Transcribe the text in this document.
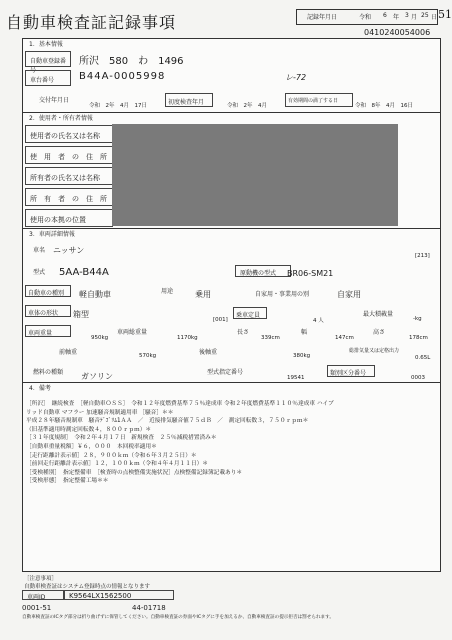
自動車検査証記録事項	記録年月日	令和 6 年 3 月 25 日 51
0410240054006
1．基本情報
自動車登録番号
所沢　580　わ　1496
車台番号 B44A-0005998	レ-72
交付年月日
令和　2年　4月　17日	初度検査年月	令和　2年　4月
有効期間の満了する日
令和　8年　4月　16日
2．使用者・所有者情報
使用者の氏名又は名称
使　用　者　の　住　所
所有者の氏名又は名称
所　有　者　の　住　所
使用の本拠の位置
3．車両詳細情報
車名 ニッサン
[213]
型式 5AA-B44A	原動機の型式 BR06-SM21
自動車の種別 軽自動車	用途	乗用	自家用・事業用の別	自家用
車体の形状 箱型
[001]
乗車定員
4 人
最大積載量
-kg
車両重量
950kg
車両総重量
1170kg
長さ
339cm
幅
147cm
高さ
178cm
前軸重	570kg	後軸重	380kg
総排気量又は定格出力
0.65L
燃料の種類 ガソリン	型式指定番号
19541
類別区分番号
0003
4．備考
［所沢］　継続検査　［軽自動車ＯＳＳ］　令和１２年度燃費基準７５％達成車 令和２年度燃費基準１１０％達成車 ハイブ
リッド自動車 マフラー 加速騒音規制適用車 ［騒音］＊＊
平成２８年騒音規制車　騒音ﾃﾞｺﾞﾘﾑ1ＡＡ　／　近接排気騒音値７５ｄＢ　／　測定回転数３，７５０ｒｐｍ＊
（旧基準適用時測定回転数４，８００ｒｐｍ）＊
［３１年度規制］　令和２年４月１７日　新規検査　２５％減税措置済み＊
［自動車重量税額］￥６，０００　本回税率適用＊
［走行距離計表示値］２８，９００ｋｍ（令和６年３月２５日）＊
［前回走行距離計表示値］１２，１００ｋｍ（令和４年４月１１日）＊
［受検種別］　指定整備車　［検査時の点検整備実施状況］点検整備記録簿記載あり＊
［受検形態］　指定整備工場＊＊
［注意事項］
自動車検査証はシステム登録時点の情報となります
車両ID	K9564LX1562500
0001-51	44-01718
自動車検査証のICタグ部分は折り曲げずに保管してください。自動車検査証の券面やICタグに手を加えるか、自動車検査証の提示拒否は罰せられます。
